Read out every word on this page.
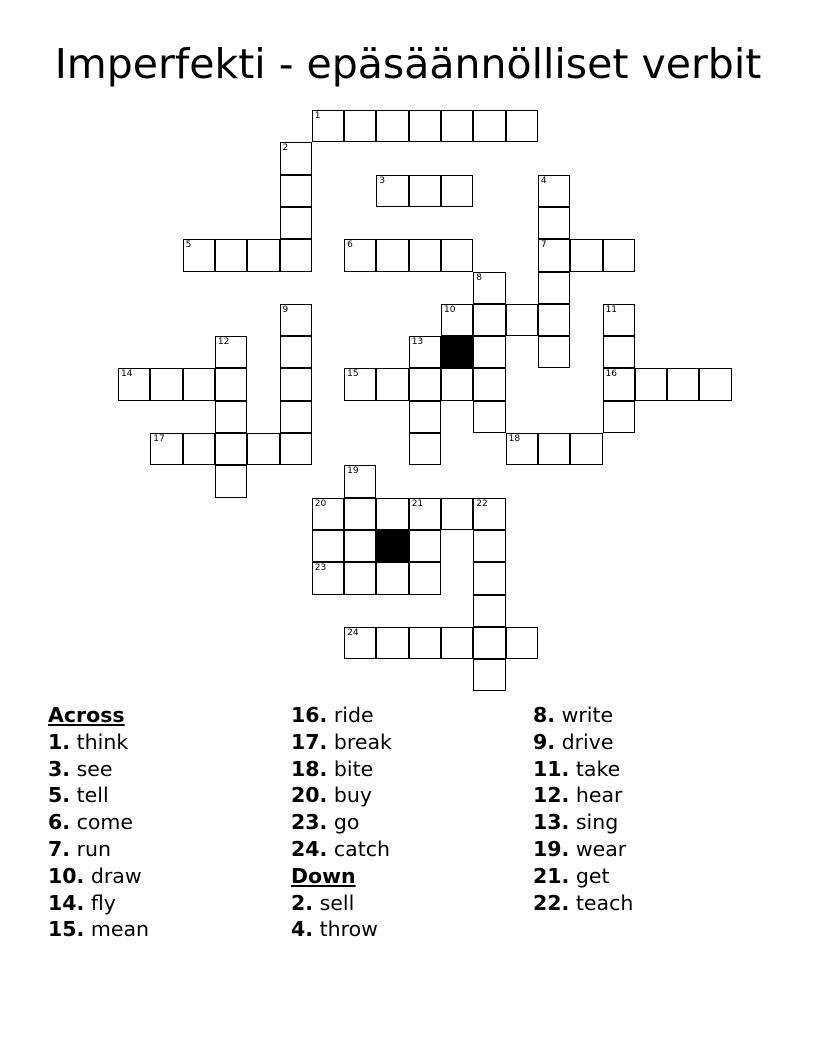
Imperfekti - epäsäännölliset verbit
1
2
3	4
7
5	6
8
9	10	11
16
12	13
14	15
17	18
19
20	21	22
23
24
Across
1. think
3. see
5. tell
6. come
7. run
10. draw
14. fly
15. mean
16. ride
17. break
18. bite
20. buy
23. go
24. catch
Down
2. sell
4. throw
8. write
9. drive
11. take
12. hear
13. sing
19. wear
21. get
22. teach
